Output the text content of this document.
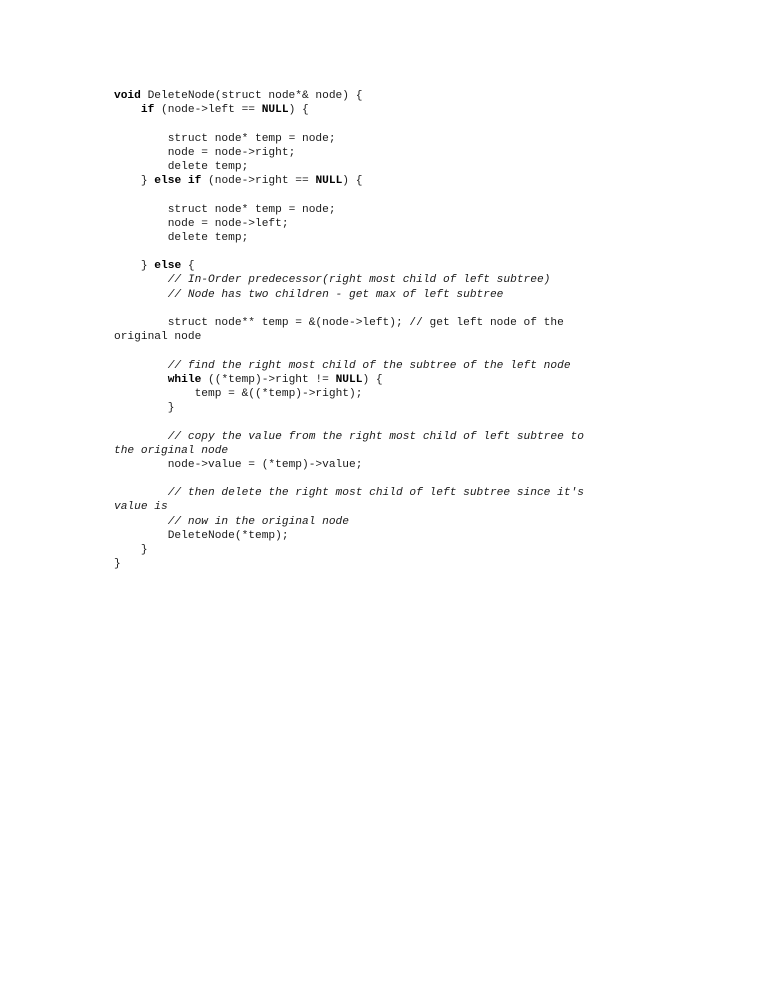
void DeleteNode(struct node*& node) {
if (node->left == NULL) {
struct node* temp = node;
node = node->right;
delete temp;
} else if (node->right == NULL) {
struct node* temp = node;
node = node->left;
delete temp;
} else {
// In-Order predecessor(right most child of left subtree)
// Node has two children - get max of left subtree
struct node** temp = &(node->left); // get left node of the
original node
// find the right most child of the subtree of the left node
while ((*temp)->right != NULL) {
temp = &((*temp)->right);
}
// copy the value from the right most child of left subtree to
the original node
node->value = (*temp)->value;
// then delete the right most child of left subtree since it's
value is
// now in the original node
DeleteNode(*temp);
}
}
